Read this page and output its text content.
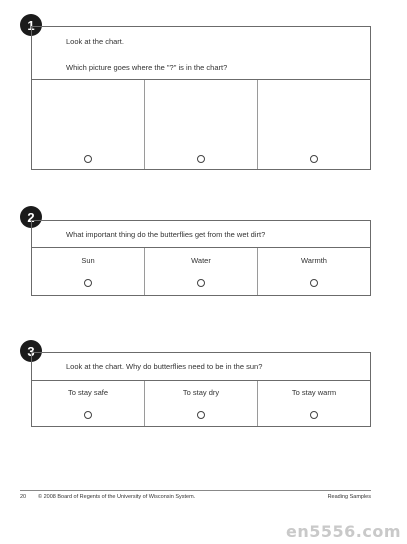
1
Look at the chart.
Which picture goes where the "?" is in the chart?
2
What important thing do the butterflies get from the wet dirt?
Sun	Water	Warmth
3
Look at the chart. Why do butterflies need to be in the sun?
To stay safe	To stay dry	To stay warm
20	© 2008 Board of Regents of the University of Wisconsin System.	Reading Samples
en5556.com
